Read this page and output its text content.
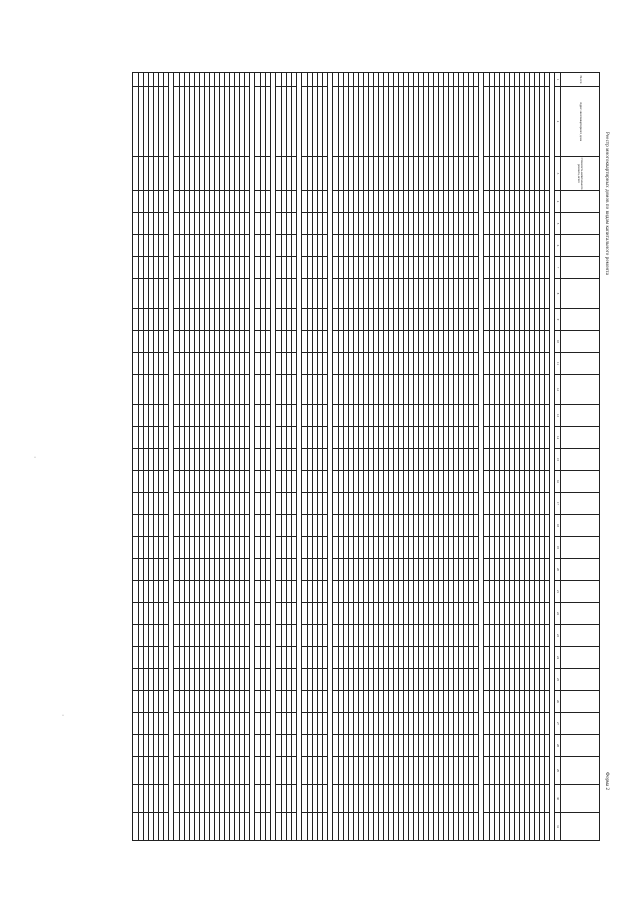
·
·
Реестр многоквартирных домов по видам капитального ремонта
Форма 2
№ п/п	Адрес многоквартирного дома	Стоимость капитального ремонта, всего																												
1	2	3	4	5	6	7	8	9	10	11	12	13	14	15	16	17	18	19	20	21	22	23	24	25	26	27	28	29	30	31
